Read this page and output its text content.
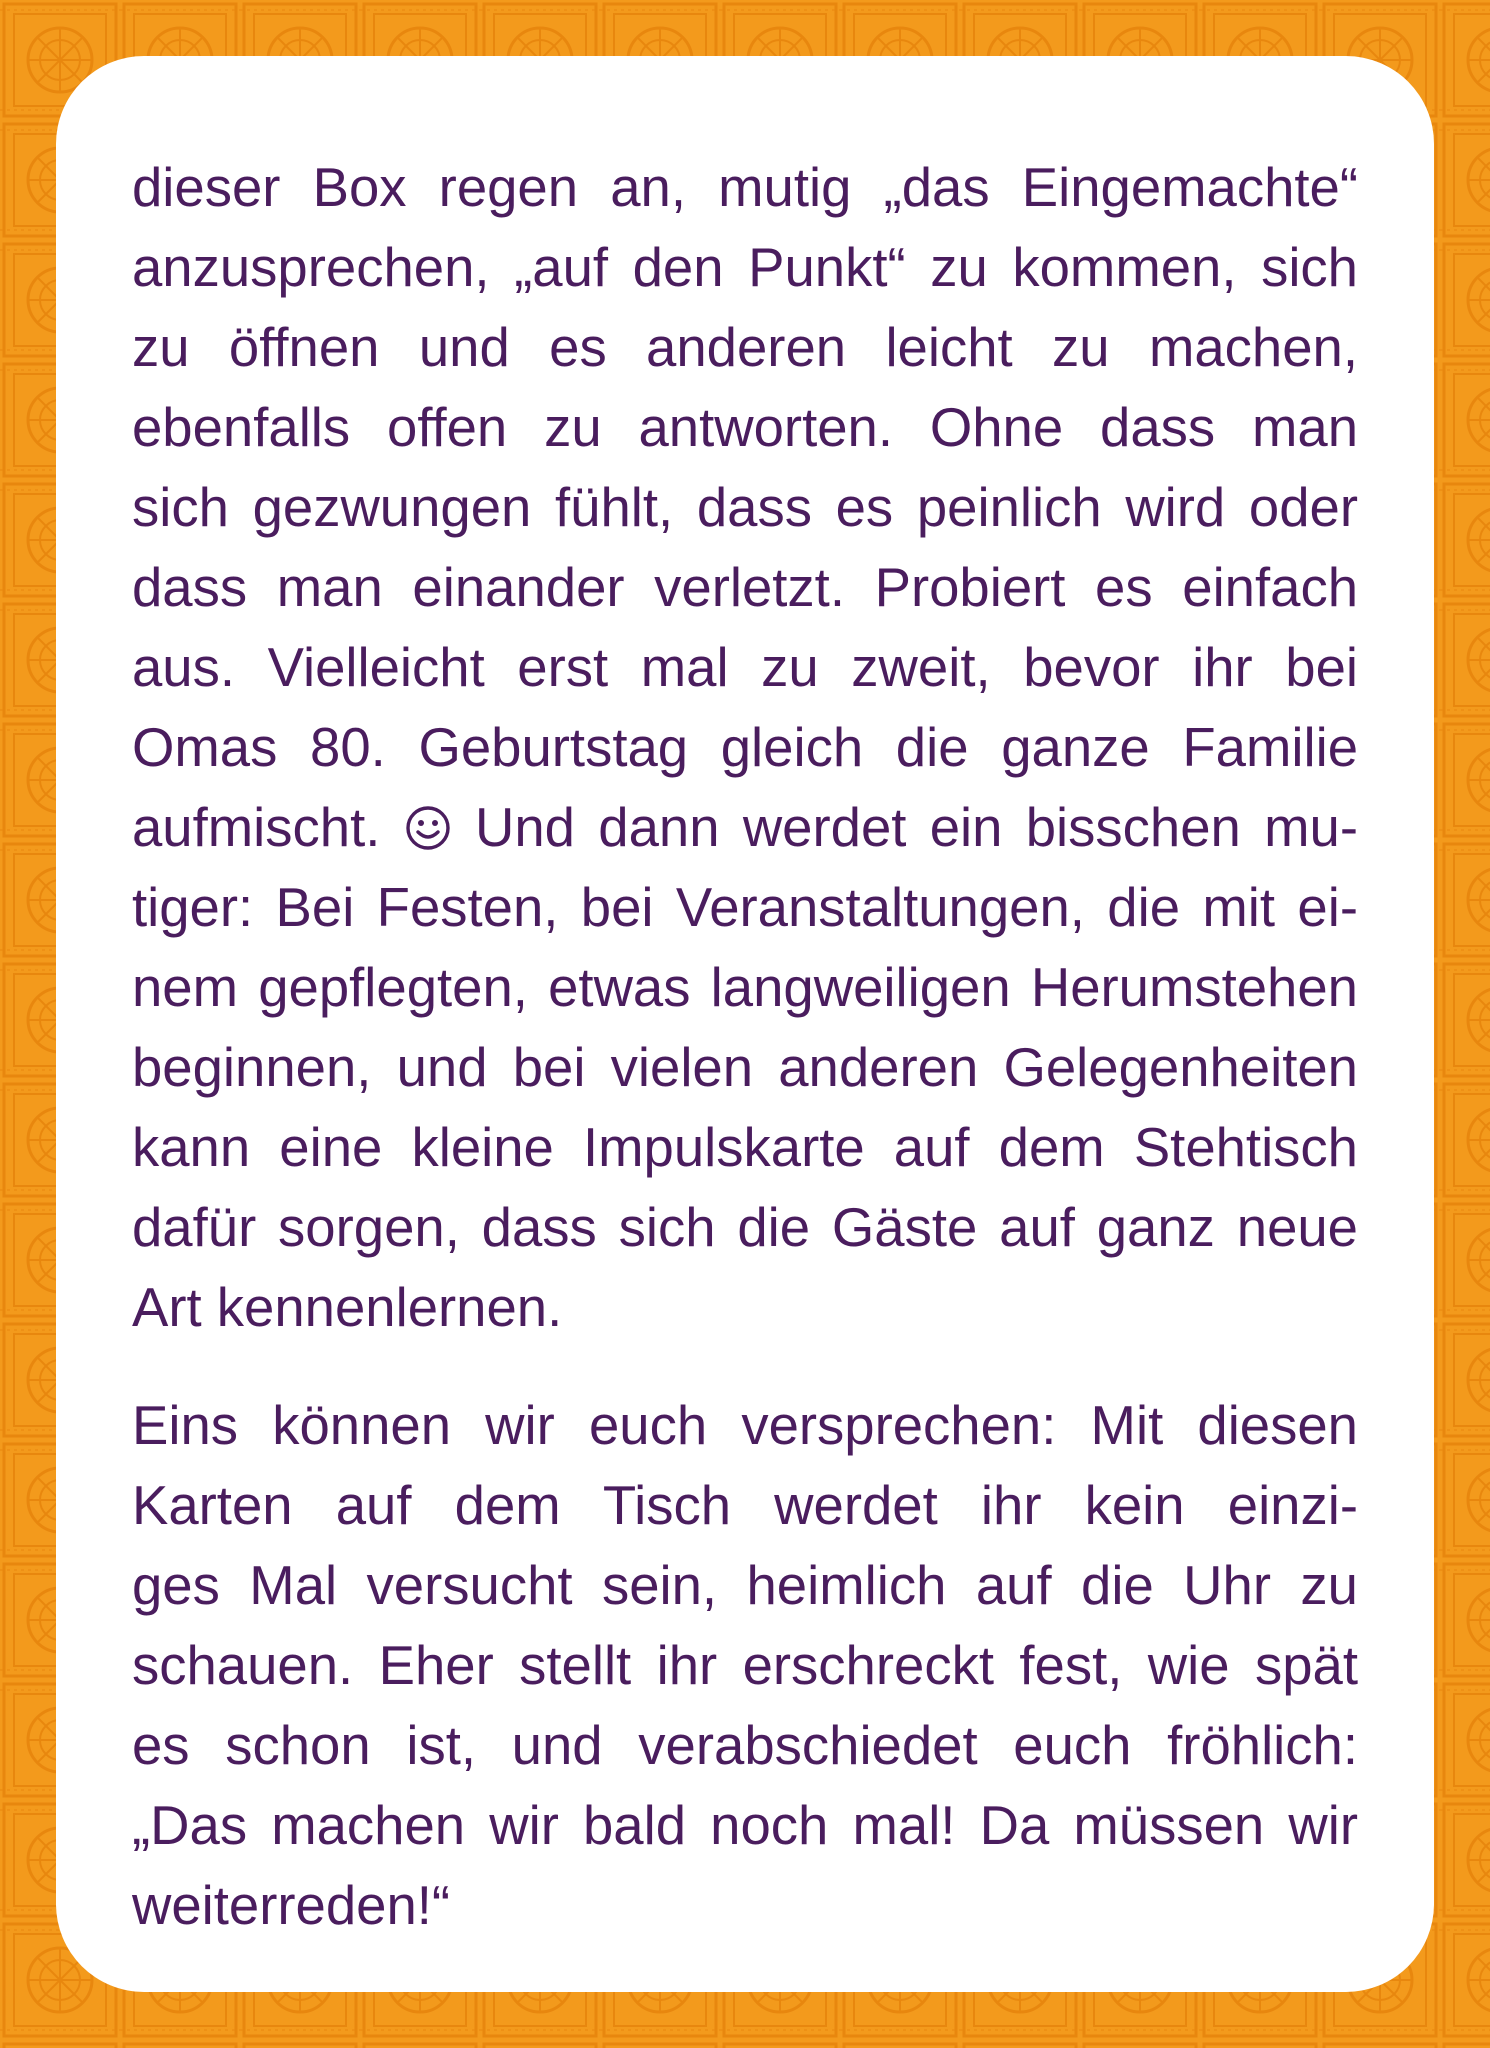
dieser Box regen an, mutig „das Eingemachte“
anzusprechen, „auf den Punkt“ zu kommen, sich
zu öffnen und es anderen leicht zu machen,
ebenfalls offen zu antworten. Ohne dass man
sich gezwungen fühlt, dass es peinlich wird oder
dass man einander verletzt. Probiert es einfach
aus. Vielleicht erst mal zu zweit, bevor ihr bei
Omas 80. Geburtstag gleich die ganze Familie
aufmischt. Und dann werdet ein bisschen mu-
tiger: Bei Festen, bei Veranstaltungen, die mit ei-
nem gepflegten, etwas langweiligen Herumstehen
beginnen, und bei vielen anderen Gelegenheiten
kann eine kleine Impulskarte auf dem Stehtisch
dafür sorgen, dass sich die Gäste auf ganz neue
Art kennenlernen.

Eins können wir euch versprechen: Mit diesen
Karten auf dem Tisch werdet ihr kein einzi-
ges Mal versucht sein, heimlich auf die Uhr zu
schauen. Eher stellt ihr erschreckt fest, wie spät
es schon ist, und verabschiedet euch fröhlich:
„Das machen wir bald noch mal! Da müssen wir
weiterreden!“
